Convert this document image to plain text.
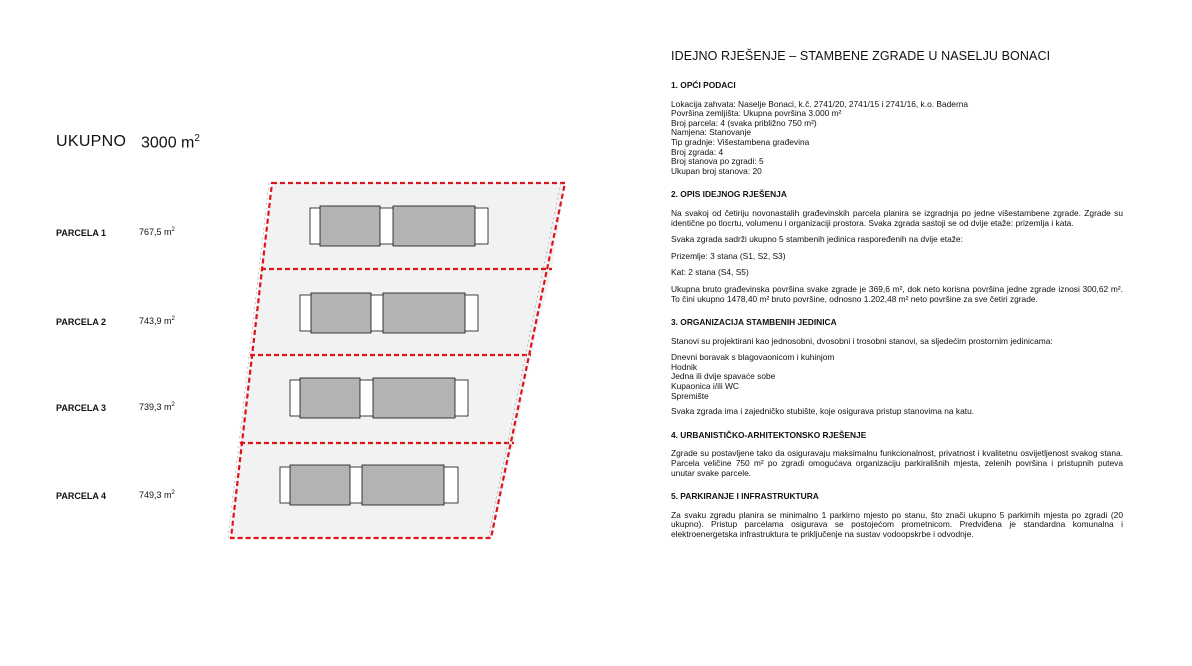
UKUPNO 3000 $m^2$
PARCELA 1	767,5 $m^2$
PARCELA 2	743,9 $m^2$
PARCELA 3	739,3 $m^2$
PARCELA 4	749,3 $m^2$
IDEJNO RJEŠENJE – STAMBENE ZGRADE U NASELJU BONACI
1. OPĆI PODACI
Lokacija zahvata: Naselje Bonaci, k.č. 2741/20, 2741/15 i 2741/16, k.o. Baderna
Površina zemljišta: Ukupna površina 3.000 m²
Broj parcela: 4 (svaka približno 750 m²)
Namjena: Stanovanje
Tip gradnje: Višestambena građevina
Broj zgrada: 4
Broj stanova po zgradi: 5
Ukupan broj stanova: 20
2. OPIS IDEJNOG RJEŠENJA
Na svakoj od četiriju novonastalih građevinskih parcela planira se izgradnja po jedne višestambene zgrade. Zgrade su identične po tlocrtu, volumenu i organizaciji prostora. Svaka zgrada sastoji se od dvije etaže: prizemlja i kata.
Svaka zgrada sadrži ukupno 5 stambenih jedinica raspoređenih na dvije etaže:
Prizemlje: 3 stana (S1, S2, S3)
Kat: 2 stana (S4, S5)
Ukupna bruto građevinska površina svake zgrade je 369,6 m², dok neto korisna površina jedne zgrade iznosi 300,62 m². To čini ukupno 1478,40 m² bruto površine, odnosno 1.202,48 m² neto površine za sve četiri zgrade.
3. ORGANIZACIJA STAMBENIH JEDINICA
Stanovi su projektirani kao jednosobni, dvosobni i trosobni stanovi, sa sljedećim prostornim jedinicama:
Dnevni boravak s blagovaonicom i kuhinjom
Hodnik
Jedna ili dvije spavaće sobe
Kupaonica i/ili WC
Spremište
Svaka zgrada ima i zajedničko stubište, koje osigurava pristup stanovima na katu.
4. URBANISTIČKO-ARHITEKTONSKO RJEŠENJE
Zgrade su postavljene tako da osiguravaju maksimalnu funkcionalnost, privatnost i kvalitetnu osvijetljenost svakog stana. Parcela veličine 750 m² po zgradi omogućava organizaciju parkirališnih mjesta, zelenih površina i pristupnih puteva unutar svake parcele.
5. PARKIRANJE I INFRASTRUKTURA
Za svaku zgradu planira se minimalno 1 parkirno mjesto po stanu, što znači ukupno 5 parkirnih mjesta po zgradi (20 ukupno). Pristup parcelama osigurava se postojećom prometnicom. Predviđena je standardna komunalna i elektroenergetska infrastruktura te priključenje na sustav vodoopskrbe i odvodnje.
